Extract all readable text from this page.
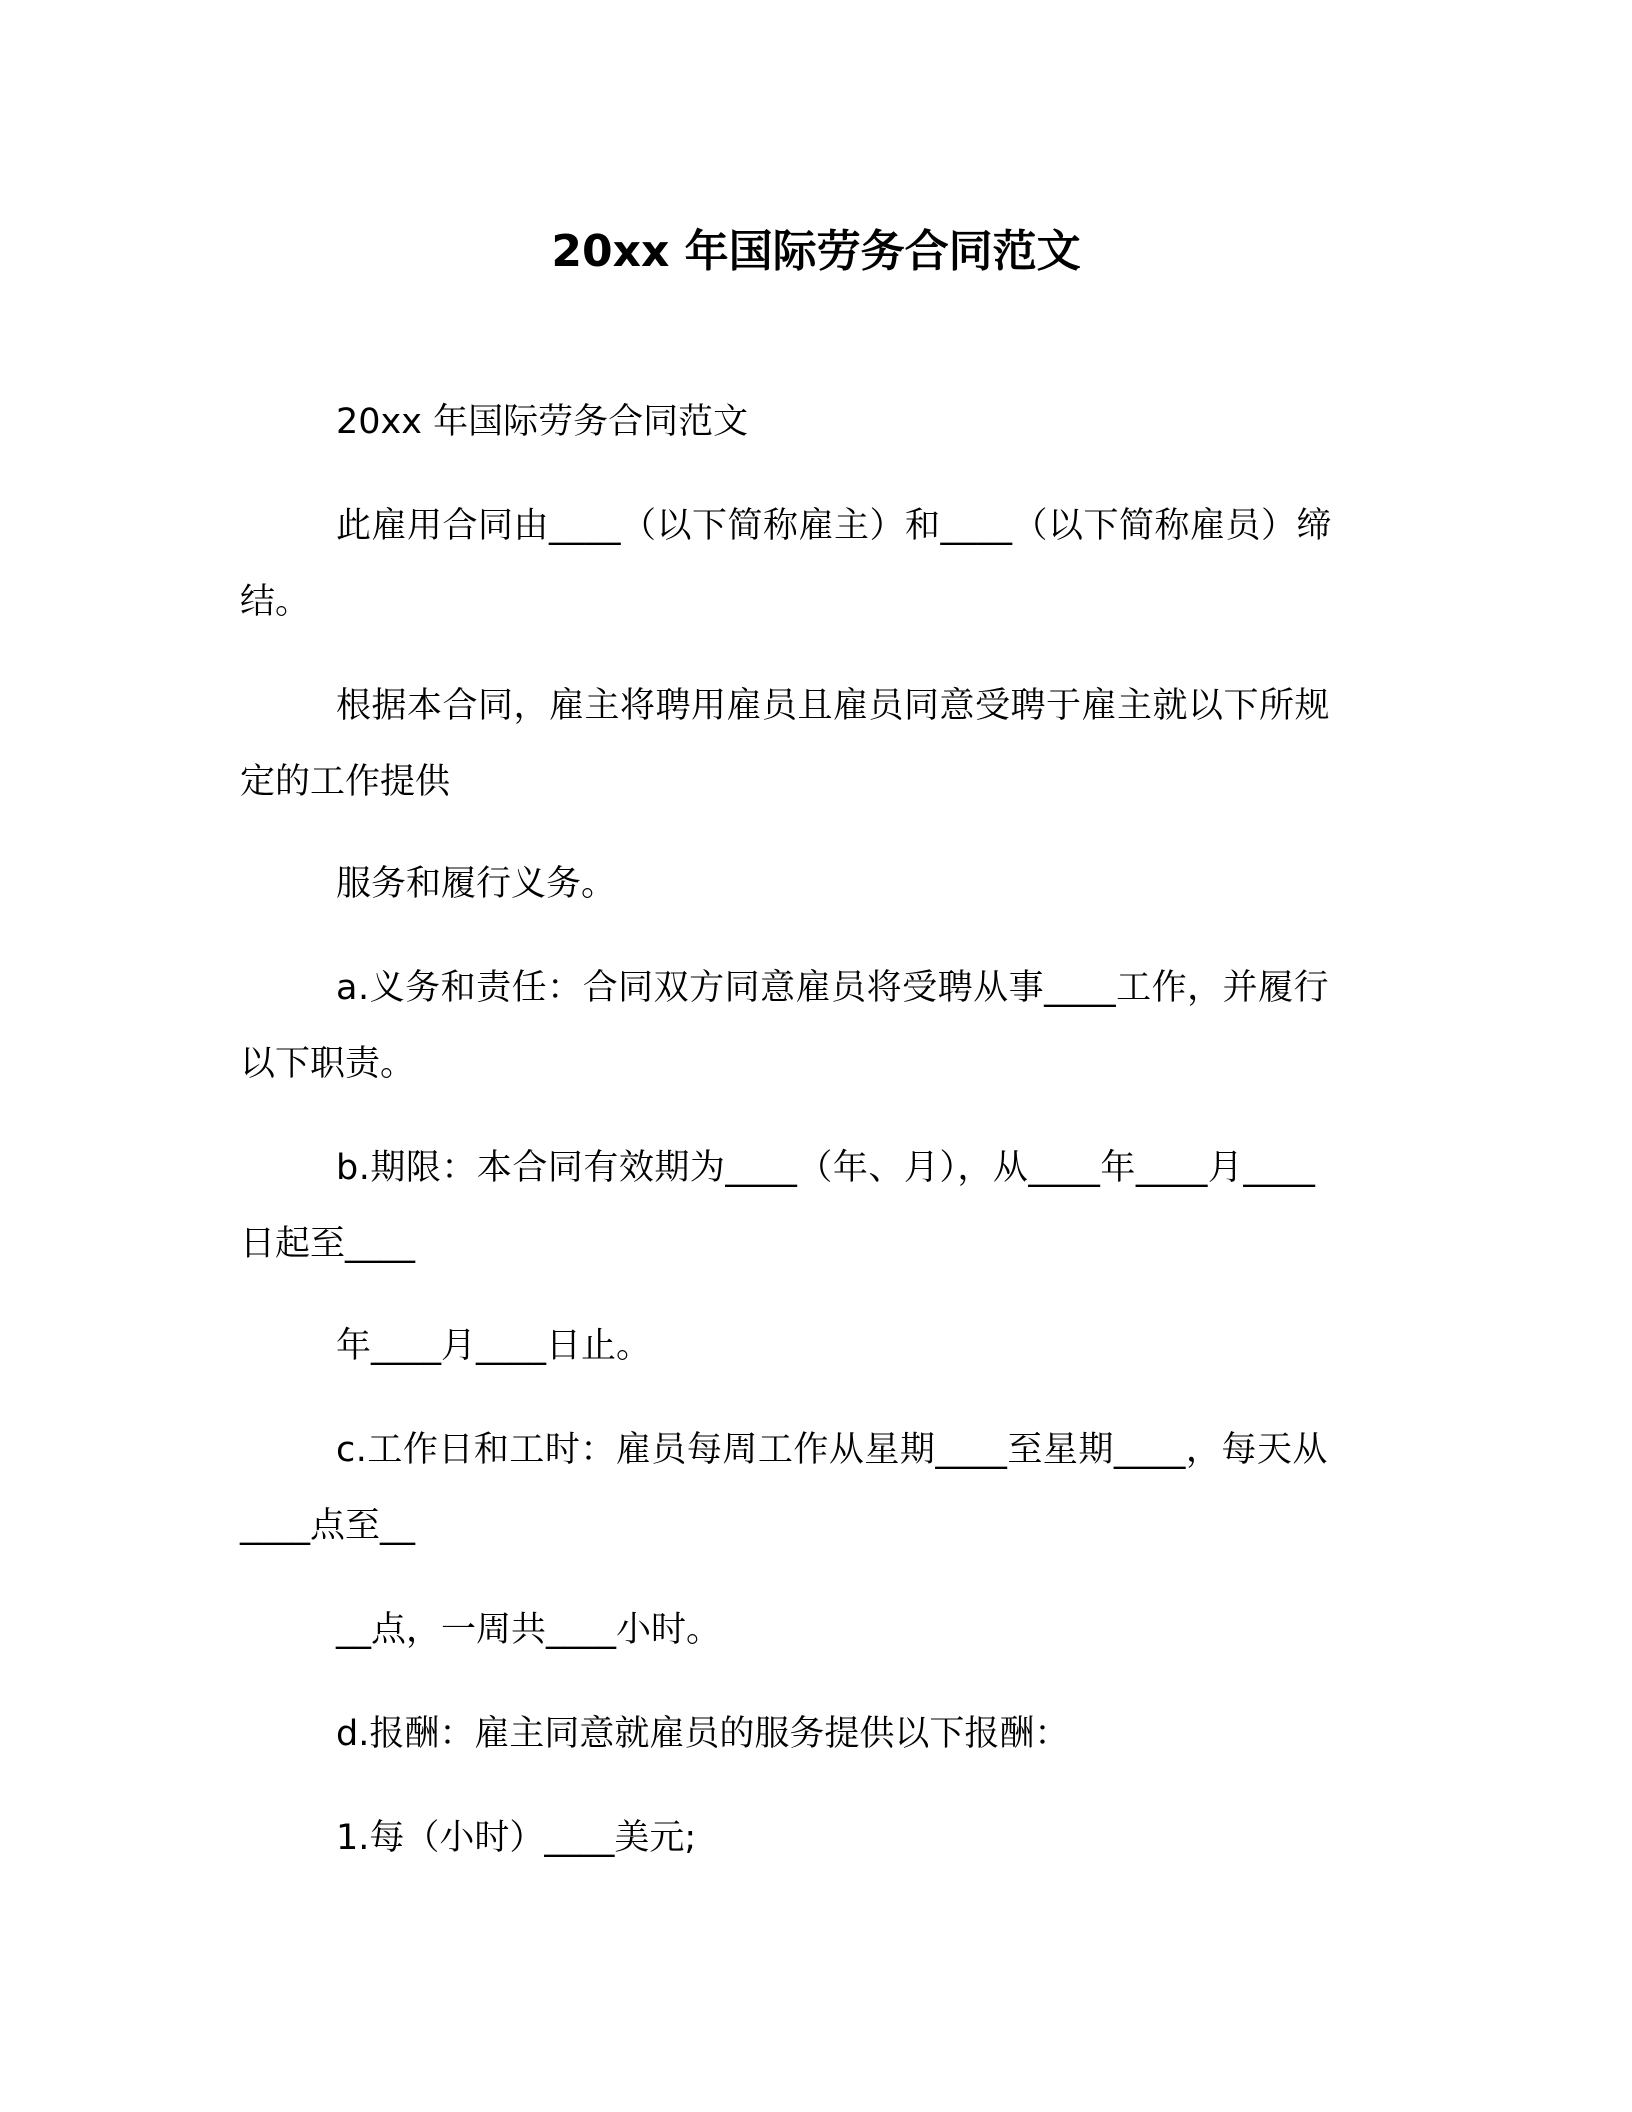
20xx 年国际劳务合同范文
20xx 年国际劳务合同范文
此雇用合同由____（以下简称雇主）和____（以下简称雇员）缔
结。
根据本合同，雇主将聘用雇员且雇员同意受聘于雇主就以下所规
定的工作提供
服务和履行义务。
a.义务和责任：合同双方同意雇员将受聘从事____工作，并履行
以下职责。
b.期限：本合同有效期为____（年、月），从____年____月____
日起至____
年____月____日止。
c.工作日和工时：雇员每周工作从星期____至星期____，每天从
____点至__
__点，一周共____小时。
d.报酬：雇主同意就雇员的服务提供以下报酬：
1.每（小时）____美元;
